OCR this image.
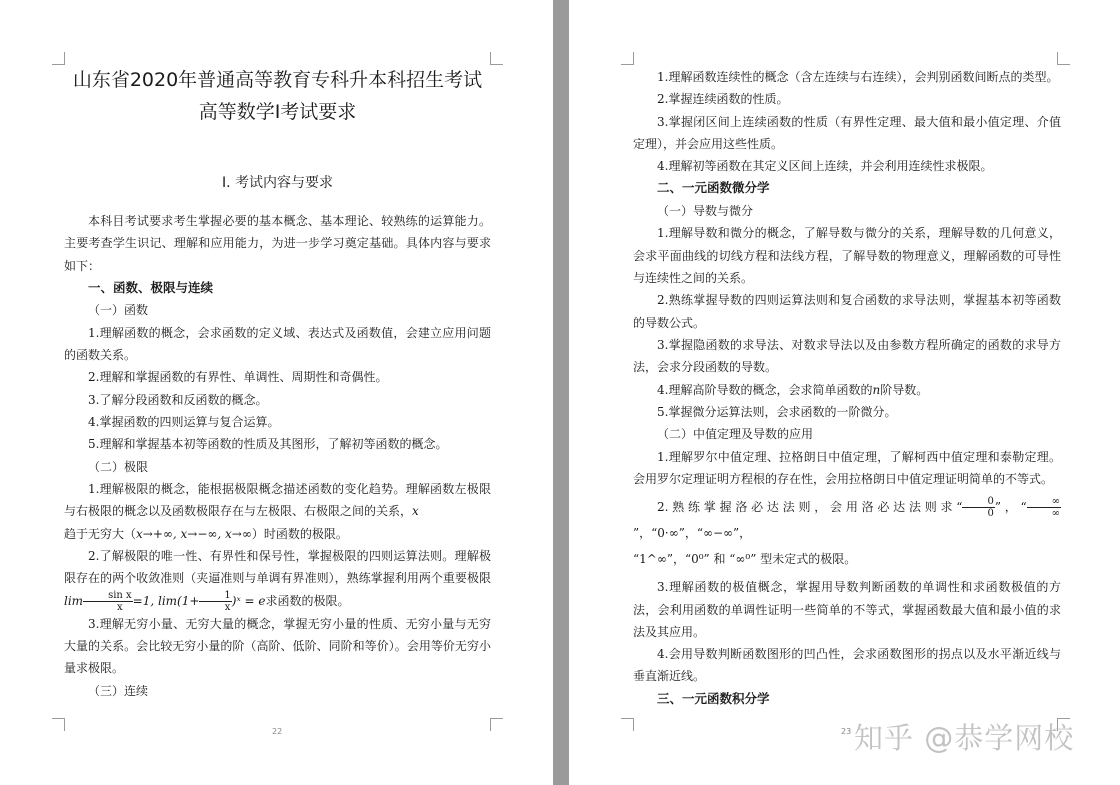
山东省2020年普通高等教育专科升本科招生考试

高等数学Ⅰ考试要求

I. 考试内容与要求

本科目考试要求考生掌握必要的基本概念、基本理论、较熟练的运算能力。主要考查学生识记、理解和应用能力，为进一步学习奠定基础。具体内容与要求如下：

一、函数、极限与连续

（一）函数

1.理解函数的概念，会求函数的定义域、表达式及函数值，会建立应用问题的函数关系。

2.理解和掌握函数的有界性、单调性、周期性和奇偶性。

3.了解分段函数和反函数的概念。

4.掌握函数的四则运算与复合运算。

5.理解和掌握基本初等函数的性质及其图形，了解初等函数的概念。

（二）极限

1.理解极限的概念，能根据极限概念描述函数的变化趋势。理解函数左极限与右极限的概念以及函数极限存在与左极限、右极限之间的关系，x
趋于无穷大（x→+∞, x→−∞, x→∞）时函数的极限。

2.了解极限的唯一性、有界性和保号性，掌握极限的四则运算法则。理解极限存在的两个收敛准则（夹逼准则与单调有界准则），熟练掌握利用两个重要极限$\lim \frac{\text{sin x}}{x} =1$, $\lim(1+ \frac{1}{x}$ )ˣ = e求函数的极限。

3.理解无穷小量、无穷大量的概念，掌握无穷小量的性质、无穷小量与无穷大量的关系。会比较无穷小量的阶（高阶、低阶、同阶和等价）。会用等价无穷小量求极限。

（三）连续

22

1.理解函数连续性的概念（含左连续与右连续），会判别函数间断点的类型。

2.掌握连续函数的性质。

3.掌握闭区间上连续函数的性质（有界性定理、最大值和最小值定理、介值定理），并会应用这些性质。

4.理解初等函数在其定义区间上连续，并会利用连续性求极限。

二、一元函数微分学

（一）导数与微分

1.理解导数和微分的概念，了解导数与微分的关系，理解导数的几何意义，会求平面曲线的切线方程和法线方程，了解导数的物理意义，理解函数的可导性与连续性之间的关系。

2.熟练掌握导数的四则运算法则和复合函数的求导法则，掌握基本初等函数的导数公式。

3.掌握隐函数的求导法、对数求导法以及由参数方程所确定的函数的求导方法，会求分段函数的导数。

4.理解高阶导数的概念，会求简单函数的n阶导数。

5.掌握微分运算法则，会求函数的一阶微分。

（二）中值定理及导数的应用

1.理解罗尔中值定理、拉格朗日中值定理，了解柯西中值定理和泰勒定理。会用罗尔定理证明方程根的存在性，会用拉格朗日中值定理证明简单的不等式。

2.熟练掌握洛必达法则，会用洛必达法则求“ $\frac{0}{0}$ ”，“ $\frac{\infty}{\infty}$
”，“0·∞”，“∞−∞”，
“1^∞”，“0⁰” 和 “∞⁰” 型未定式的极限。

3.理解函数的极值概念，掌握用导数判断函数的单调性和求函数极值的方法，会利用函数的单调性证明一些简单的不等式，掌握函数最大值和最小值的求法及其应用。

4.会用导数判断函数图形的凹凸性，会求函数图形的拐点以及水平渐近线与垂直渐近线。

三、一元函数积分学

23 知乎 @恭学网校
